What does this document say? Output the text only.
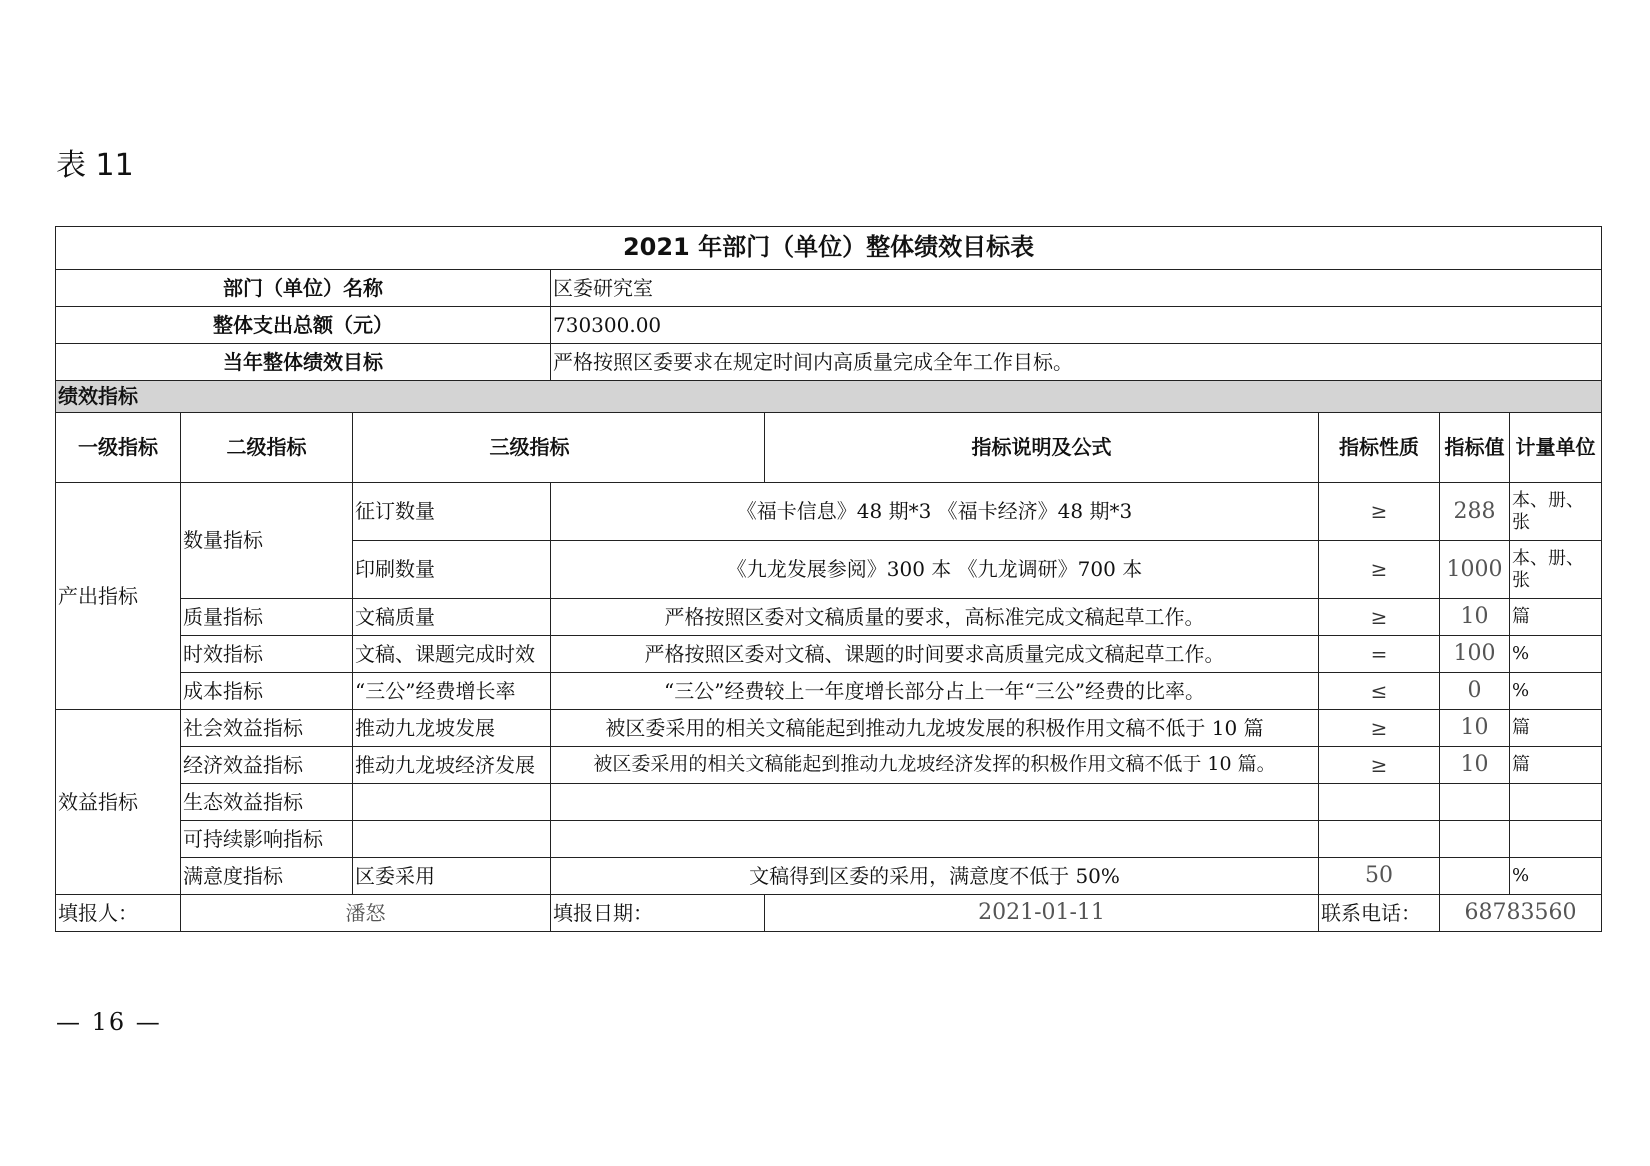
表 11
2021 年部门（单位）整体绩效目标表							
部门（单位）名称			区委研究室				
整体支出总额（元）			730300.00				
当年整体绩效目标			严格按照区委要求在规定时间内高质量完成全年工作目标。				
绩效指标							
一级指标	二级指标	三级指标		指标说明及公式	指标性质	指标值	计量单位
产出指标	数量指标	征订数量	《福卡信息》48 期*3 《福卡经济》48 期*3		≥	288	本、册、张
		印刷数量	《九龙发展参阅》300 本 《九龙调研》700 本		≥	1000	本、册、张
	质量指标	文稿质量	严格按照区委对文稿质量的要求，高标准完成文稿起草工作。		≥	10	篇
	时效指标	文稿、课题完成时效	严格按照区委对文稿、课题的时间要求高质量完成文稿起草工作。		=	100	%
	成本指标	“三公”经费增长率	“三公”经费较上一年度增长部分占上一年“三公”经费的比率。		≤	0	%
效益指标	社会效益指标	推动九龙坡发展	被区委采用的相关文稿能起到推动九龙坡发展的积极作用文稿不低于 10 篇		≥	10	篇
	经济效益指标	推动九龙坡经济发展	被区委采用的相关文稿能起到推动九龙坡经济发挥的积极作用文稿不低于 10 篇。		≥	10	篇
	生态效益指标						
	可持续影响指标						
	满意度指标	区委采用	文稿得到区委的采用，满意度不低于 50%		50		%
填报人：	潘怒		填报日期：	2021-01-11	联系电话：	68783560	
— 16 —
